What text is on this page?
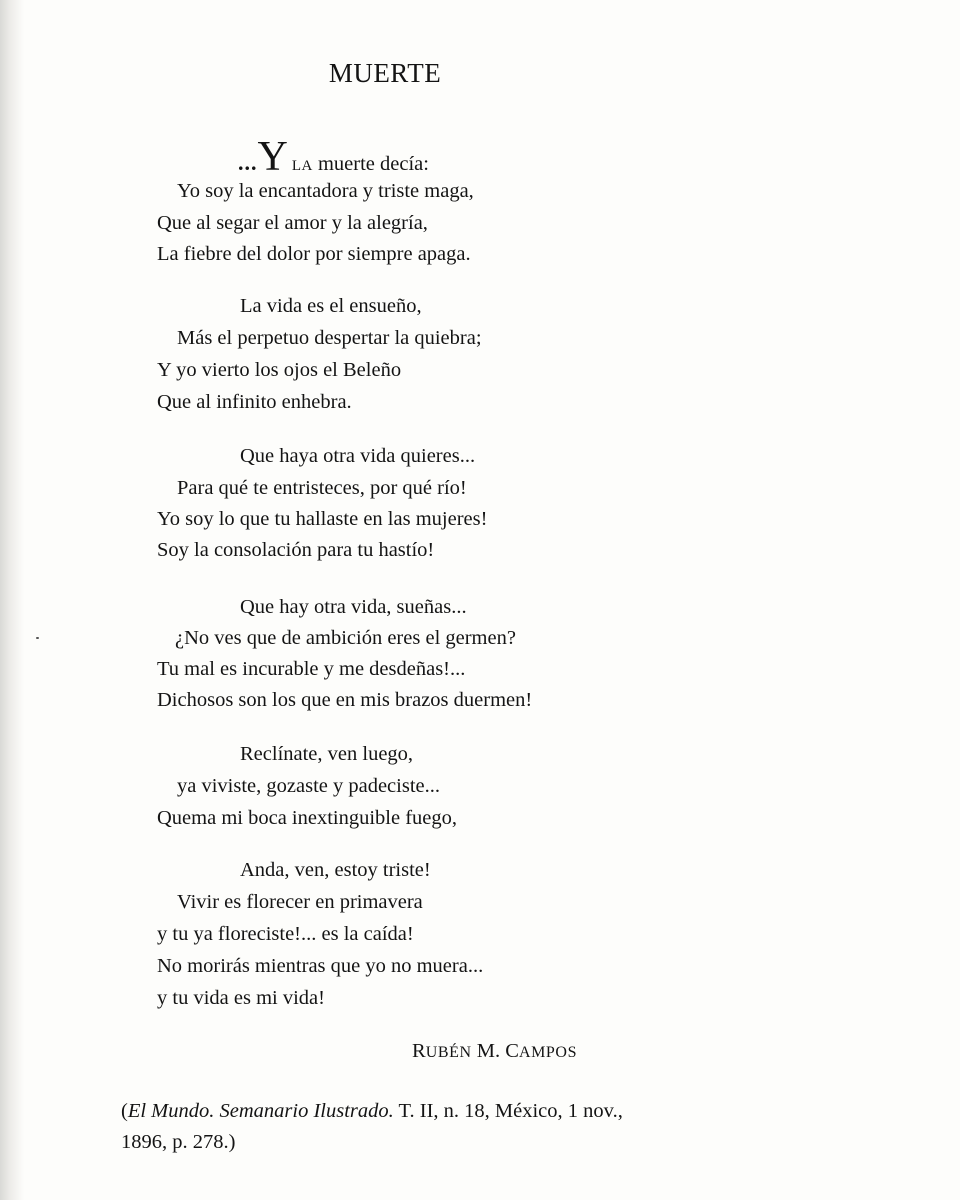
MUERTE
...Y LA muerte decía:
Yo soy la encantadora y triste maga,
Que al segar el amor y la alegría,
La fiebre del dolor por siempre apaga.
La vida es el ensueño,
Más el perpetuo despertar la quiebra;
Y yo vierto los ojos el Beleño
Que al infinito enhebra.
Que haya otra vida quieres...
Para qué te entristeces, por qué río!
Yo soy lo que tu hallaste en las mujeres!
Soy la consolación para tu hastío!
Que hay otra vida, sueñas...
¿No ves que de ambición eres el germen?
Tu mal es incurable y me desdeñas!...
Dichosos son los que en mis brazos duermen!
Reclínate, ven luego,
ya viviste, gozaste y padeciste...
Quema mi boca inextinguible fuego,
Anda, ven, estoy triste!
Vivir es florecer en primavera
y tu ya floreciste!... es la caída!
No morirás mientras que yo no muera...
y tu vida es mi vida!
RUBÉN M. CAMPOS
(El Mundo. Semanario Ilustrado. T. II, n. 18, México, 1 nov.,
1896, p. 278.)
